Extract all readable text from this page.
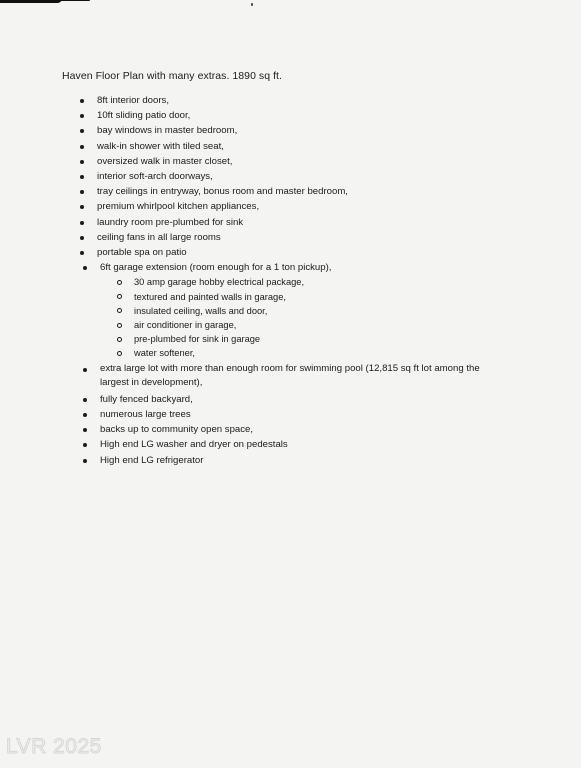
Haven Floor Plan with many extras. 1890 sq ft.
8ft interior doors,
10ft sliding patio door,
bay windows in master bedroom,
walk-in shower with tiled seat,
oversized walk in master closet,
interior soft-arch doorways,
tray ceilings in entryway, bonus room and master bedroom,
premium whirlpool kitchen appliances,
laundry room pre-plumbed for sink
ceiling fans in all large rooms
portable spa on patio
6ft garage extension (room enough for a 1 ton pickup),
30 amp garage hobby electrical package,
textured and painted walls in garage,
insulated ceiling, walls and door,
air conditioner in garage,
pre-plumbed for sink in garage
water softener,
extra large lot with more than enough room for swimming pool (12,815 sq ft lot among the largest in development),
fully fenced backyard,
numerous large trees
backs up to community open space,
High end LG washer and dryer on pedestals
High end LG refrigerator
LVR 2025
